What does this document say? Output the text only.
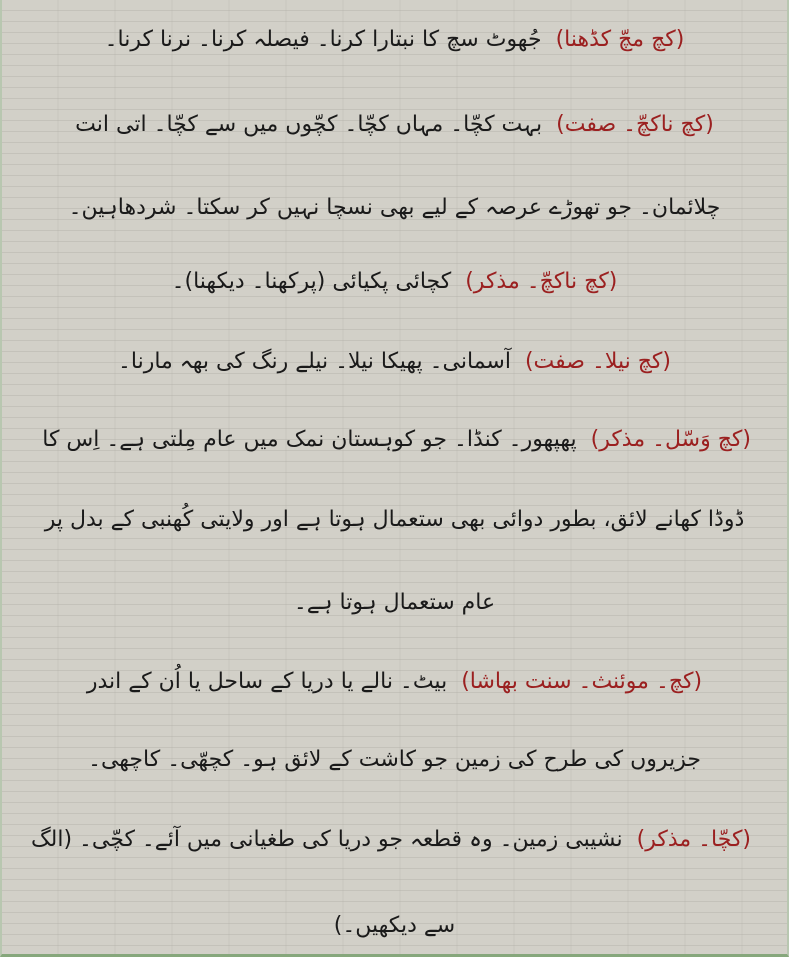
(کچ مچّ کڈھنا)جُھوٹ سچ کا نبتارا کرنا۔ فیصلہ کرنا۔ نرنا کرنا۔
(کچ ناکچّ۔ صفت)بہت کچّا۔ مہاں کچّا۔ کچّوں میں سے کچّا۔ اتی انت
چلائمان۔ جو تھوڑے عرصہ کے لیے بھی نسچا نہیں کر سکتا۔ شردھاہین۔
(کچ ناکچّ۔ مذکر)کچائی پکیائی (پرکھنا۔ دیکھنا)۔
(کچ نیلا۔ صفت)آسمانی۔ پھیکا نیلا۔ نیلے رنگ کی بھہ مارنا۔
(کچ وَسّل۔ مذکر)پھپھور۔ کنڈا۔ جو کوہستان نمک میں عام مِلتی ہے۔ اِس کا
ڈوڈا کھانے لائق، بطور دوائی بھی ستعمال ہوتا ہے اور ولایتی کُھنبی کے بدل پر
عام ستعمال ہوتا ہے۔
(کچ۔ موئنث۔ سنت بھاشا)بیٹ۔ نالے یا دریا کے ساحل یا اُن کے اندر
جزیروں کی طرح کی زمین جو کاشت کے لائق ہو۔ کچھّی۔ کاچھی۔
(کچّا۔ مذکر)نشیبی زمین۔ وہ قطعہ جو دریا کی طغیانی میں آئے۔ کچّی۔ (الگ
سے دیکھیں۔)
